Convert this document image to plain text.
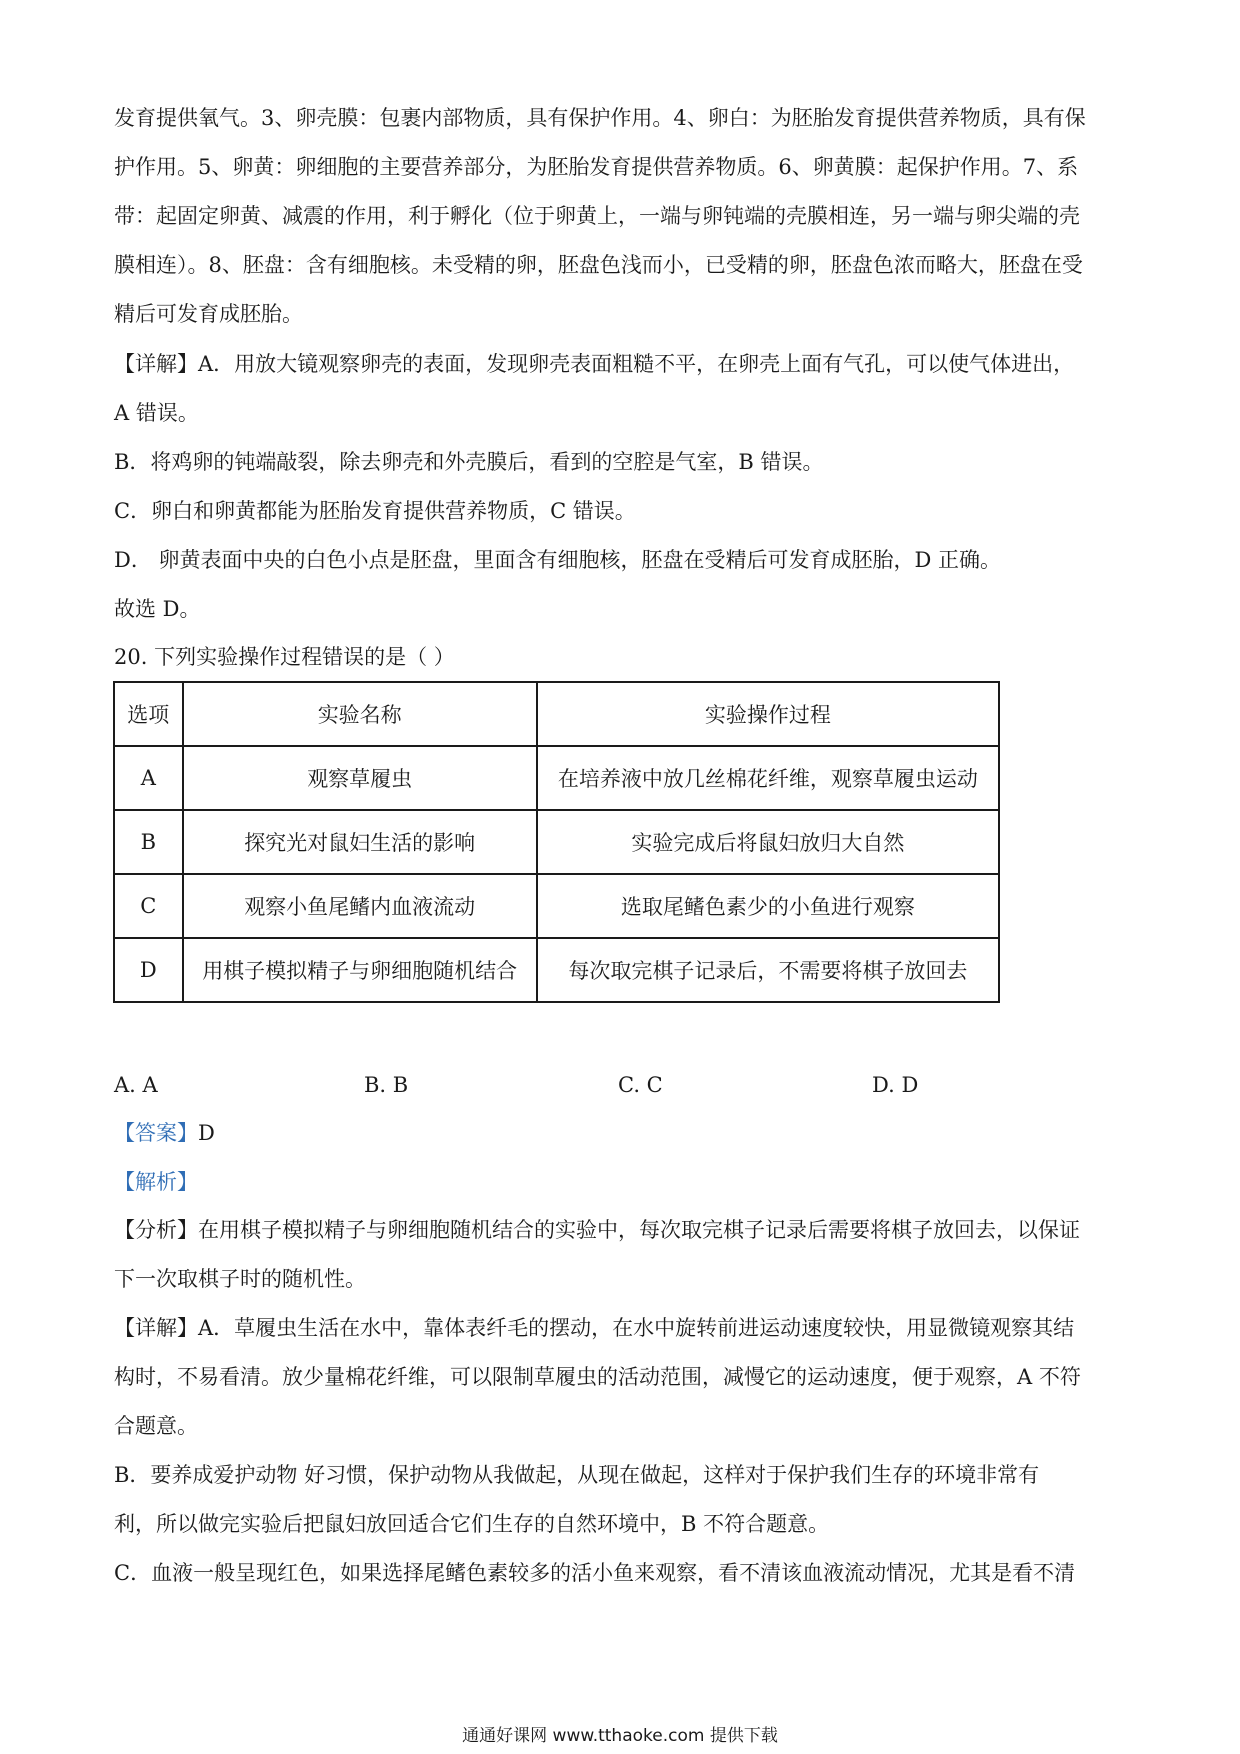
发育提供氧气。3、卵壳膜：包裹内部物质，具有保护作用。4、卵白：为胚胎发育提供营养物质，具有保
护作用。5、卵黄：卵细胞的主要营养部分，为胚胎发育提供营养物质。6、卵黄膜：起保护作用。7、系
带：起固定卵黄、减震的作用，利于孵化（位于卵黄上，一端与卵钝端的壳膜相连，另一端与卵尖端的壳
膜相连）。8、胚盘：含有细胞核。未受精的卵，胚盘色浅而小，已受精的卵，胚盘色浓而略大，胚盘在受
精后可发育成胚胎。
【详解】A．用放大镜观察卵壳的表面，发现卵壳表面粗糙不平，在卵壳上面有气孔，可以使气体进出，
A 错误。
B．将鸡卵的钝端敲裂，除去卵壳和外壳膜后，看到的空腔是气室，B 错误。
C．卵白和卵黄都能为胚胎发育提供营养物质，C 错误。
D． 卵黄表面中央的白色小点是胚盘，里面含有细胞核，胚盘在受精后可发育成胚胎，D 正确。
故选 D。
20. 下列实验操作过程错误的是（ ）
选项	实验名称	实验操作过程
A	观察草履虫	在培养液中放几丝棉花纤维，观察草履虫运动
B	探究光对鼠妇生活的影响	实验完成后将鼠妇放归大自然
C	观察小鱼尾鳍内血液流动	选取尾鳍色素少的小鱼进行观察
D	用棋子模拟精子与卵细胞随机结合	每次取完棋子记录后，不需要将棋子放回去
A. A	B. B	C. C	D. D
【答案】D
【解析】
【分析】在用棋子模拟精子与卵细胞随机结合的实验中，每次取完棋子记录后需要将棋子放回去，以保证
下一次取棋子时的随机性。
【详解】A．草履虫生活在水中，靠体表纤毛的摆动，在水中旋转前进运动速度较快，用显微镜观察其结
构时，不易看清。放少量棉花纤维，可以限制草履虫的活动范围，减慢它的运动速度，便于观察，A 不符
合题意。
B．要养成爱护动物 好习惯，保护动物从我做起，从现在做起，这样对于保护我们生存的环境非常有
利，所以做完实验后把鼠妇放回适合它们生存的自然环境中，B 不符合题意。
C．血液一般呈现红色，如果选择尾鳍色素较多的活小鱼来观察，看不清该血液流动情况，尤其是看不清
通通好课网 www.tthaoke.com 提供下载
